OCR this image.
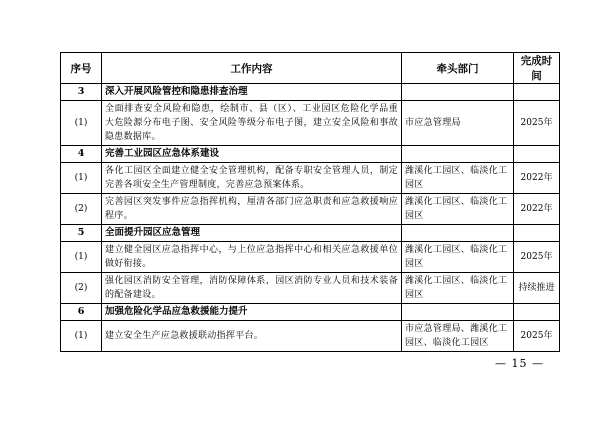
序号	工作内容	牵头部门	完成时间
3	深入开展风险管控和隐患排查治理		
(1)	全面排查安全风险和隐患，绘制市、县（区）、工业园区危险化学品重大危险源分布电子图、安全风险等级分布电子图，建立安全风险和事故隐患数据库。	市应急管理局	2025年
4	完善工业园区应急体系建设		
(1)	各化工园区全面建立健全安全管理机构，配备专职安全管理人员，制定完善各项安全生产管理制度，完善应急预案体系。	潍溪化工园区、临淡化工园区	2022年
(2)	完善园区突发事件应急指挥机构，厘清各部门应急职责和应急救援响应程序。	潍溪化工园区、临淡化工园区	2022年
5	全面提升园区应急管理		
(1)	建立健全园区应急指挥中心，与上位应急指挥中心和相关应急救援单位做好衔接。	潍溪化工园区、临淡化工园区	2025年
(2)	强化园区消防安全管理，消防保障体系，园区消防专业人员和技术装备的配备建设。	潍溪化工园区、临淡化工园区	持续推进
6	加强危险化学品应急救援能力提升		
(1)	建立安全生产应急救援联动指挥平台。	市应急管理局、潍溪化工园区、临淡化工园区	2025年
— 15 —
